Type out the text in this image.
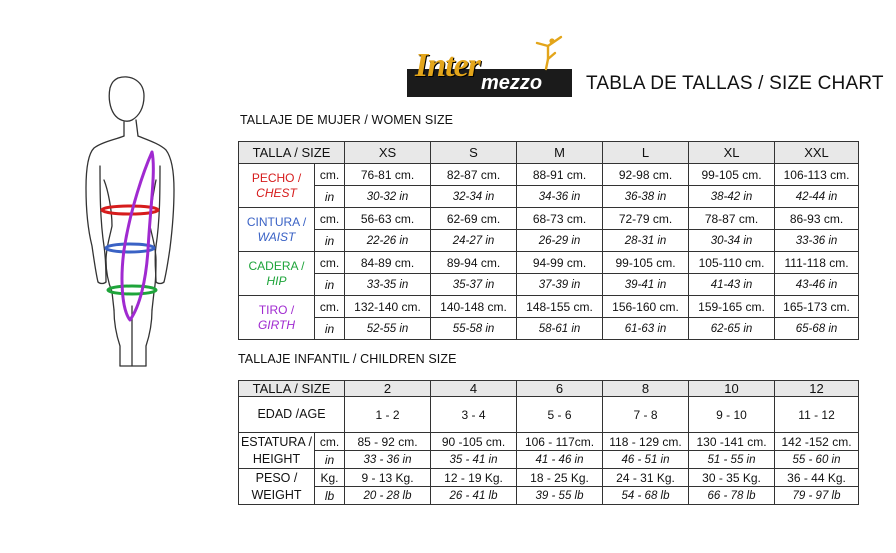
Inter mezzo TABLA DE TALLAS / SIZE CHART
TALLAJE DE MUJER / WOMEN SIZE
TALLA / SIZE		XS	S	M	L	XL	XXL

PECHO /
CHEST	cm.	76-81 cm.	82-87 cm.	88-91 cm.	92-98 cm.	99-105 cm.	106-113 cm.
	in	30-32 in	32-34 in	34-36 in	36-38 in	38-42 in	42-44 in

CINTURA /
WAIST	cm.	56-63 cm.	62-69 cm.	68-73 cm.	72-79 cm.	78-87 cm.	86-93 cm.
	in	22-26 in	24-27 in	26-29 in	28-31 in	30-34 in	33-36 in

CADERA /
HIP	cm.	84-89 cm.	89-94 cm.	94-99 cm.	99-105 cm.	105-110 cm.	111-118 cm.
	in	33-35 in	35-37 in	37-39 in	39-41 in	41-43 in	43-46 in

TIRO /
GIRTH	cm.	132-140 cm.	140-148 cm.	148-155 cm.	156-160 cm.	159-165 cm.	165-173 cm.
	in	52-55 in	55-58 in	58-61 in	61-63 in	62-65 in	65-68 in
TALLAJE INFANTIL / CHILDREN SIZE
TALLA / SIZE		2	4	6	8	10	12
EDAD /AGE		1 - 2	3 - 4	5 - 6	7 - 8	9 - 10	11 - 12

ESTATURA /
HEIGHT	cm.	85 - 92 cm.	90 -105 cm.	106 - 117cm.	118 - 129 cm.	130 -141 cm.	142 -152 cm.
	in	33 - 36 in	35 - 41 in	41 - 46 in	46 - 51 in	51 - 55 in	55 - 60 in

PESO /
WEIGHT	Kg.	9 - 13 Kg.	12 - 19 Kg.	18 - 25 Kg.	24 - 31 Kg.	30 - 35 Kg.	36 - 44 Kg.
	lb	20 - 28 lb	26 - 41 lb	39 - 55 lb	54 - 68 lb	66 - 78 lb	79 - 97 lb
